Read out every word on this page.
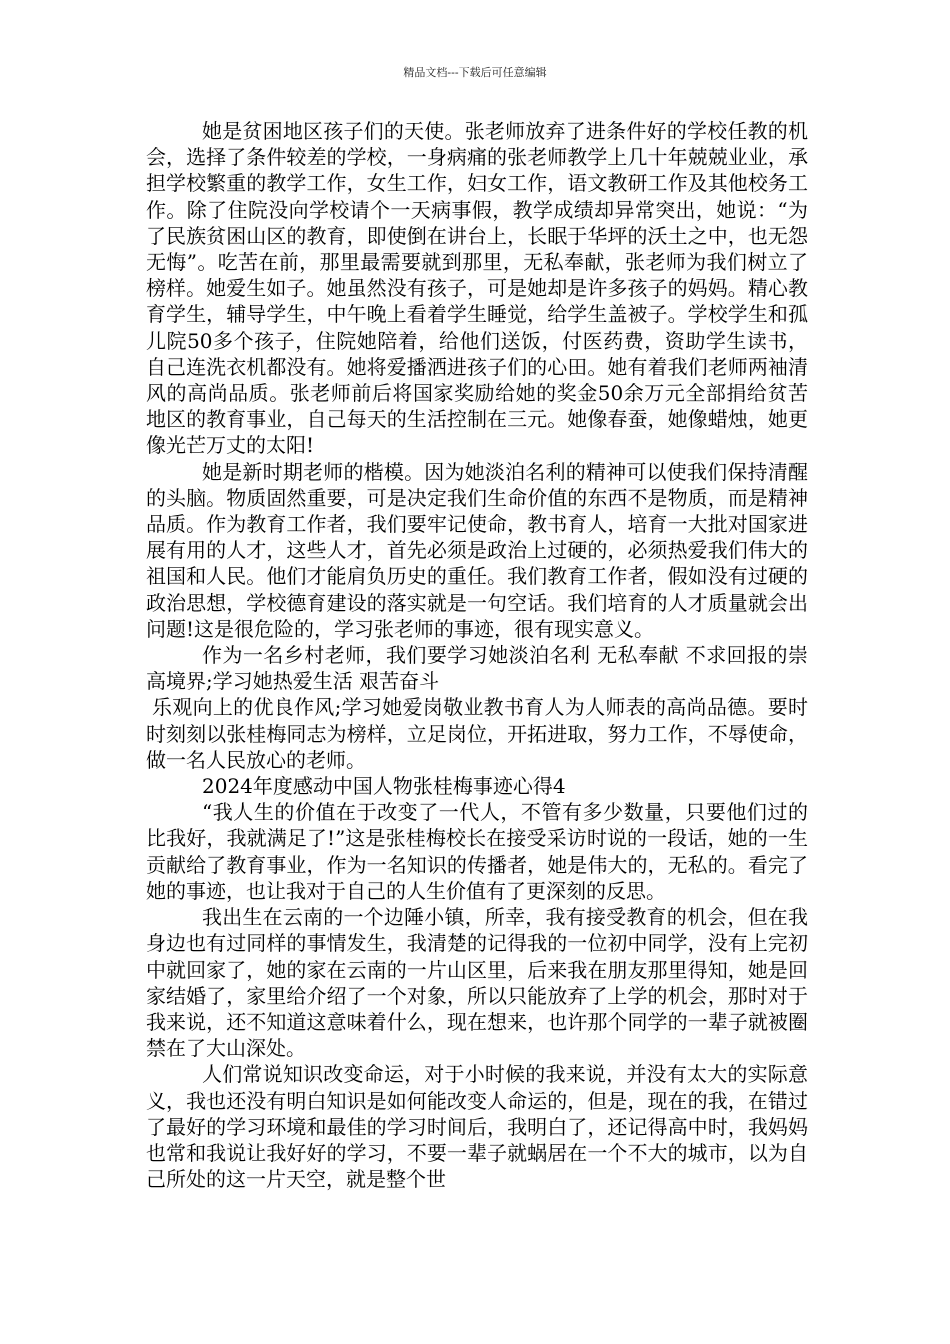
精品文档---下载后可任意编辑

她是贫困地区孩子们的天使。张老师放弃了进条件好的学校任教的机会，选择了条件较差的学校，一身病痛的张老师教学上几十年兢兢业业，承担学校繁重的教学工作，女生工作，妇女工作，语文教研工作及其他校务工作。除了住院没向学校请个一天病事假，教学成绩却异常突出，她说：“为了民族贫困山区的教育，即使倒在讲台上，长眠于华坪的沃土之中，也无怨无悔”。吃苦在前，那里最需要就到那里，无私奉献，张老师为我们树立了榜样。她爱生如子。她虽然没有孩子，可是她却是许多孩子的妈妈。精心教育学生，辅导学生，中午晚上看着学生睡觉，给学生盖被子。学校学生和孤儿院50多个孩子，住院她陪着，给他们送饭，付医药费，资助学生读书，自己连洗衣机都没有。她将爱播洒进孩子们的心田。她有着我们老师两袖清风的高尚品质。张老师前后将国家奖励给她的奖金50余万元全部捐给贫苦地区的教育事业，自己每天的生活控制在三元。她像春蚕，她像蜡烛，她更像光芒万丈的太阳!

她是新时期老师的楷模。因为她淡泊名利的精神可以使我们保持清醒的头脑。物质固然重要，可是决定我们生命价值的东西不是物质，而是精神品质。作为教育工作者，我们要牢记使命，教书育人，培育一大批对国家进展有用的人才，这些人才，首先必须是政治上过硬的，必须热爱我们伟大的祖国和人民。他们才能肩负历史的重任。我们教育工作者，假如没有过硬的政治思想，学校德育建设的落实就是一句空话。我们培育的人才质量就会出问题!这是很危险的，学习张老师的事迹，很有现实意义。

作为一名乡村老师，我们要学习她淡泊名利 无私奉献 不求回报的崇高境界;学习她热爱生活 艰苦奋斗

乐观向上的优良作风;学习她爱岗敬业教书育人为人师表的高尚品德。要时时刻刻以张桂梅同志为榜样，立足岗位，开拓进取，努力工作，不辱使命，做一名人民放心的老师。

2024年度感动中国人物张桂梅事迹心得4

“我人生的价值在于改变了一代人，不管有多少数量，只要他们过的比我好，我就满足了!”这是张桂梅校长在接受采访时说的一段话，她的一生贡献给了教育事业，作为一名知识的传播者，她是伟大的，无私的。看完了她的事迹，也让我对于自己的人生价值有了更深刻的反思。

我出生在云南的一个边陲小镇，所幸，我有接受教育的机会，但在我身边也有过同样的事情发生，我清楚的记得我的一位初中同学，没有上完初中就回家了，她的家在云南的一片山区里，后来我在朋友那里得知，她是回家结婚了，家里给介绍了一个对象，所以只能放弃了上学的机会，那时对于我来说，还不知道这意味着什么，现在想来，也许那个同学的一辈子就被圈禁在了大山深处。

人们常说知识改变命运，对于小时候的我来说，并没有太大的实际意义，我也还没有明白知识是如何能改变人命运的，但是，现在的我，在错过了最好的学习环境和最佳的学习时间后，我明白了，还记得高中时，我妈妈也常和我说让我好好的学习，不要一辈子就蜗居在一个不大的城市，以为自己所处的这一片天空，就是整个世
